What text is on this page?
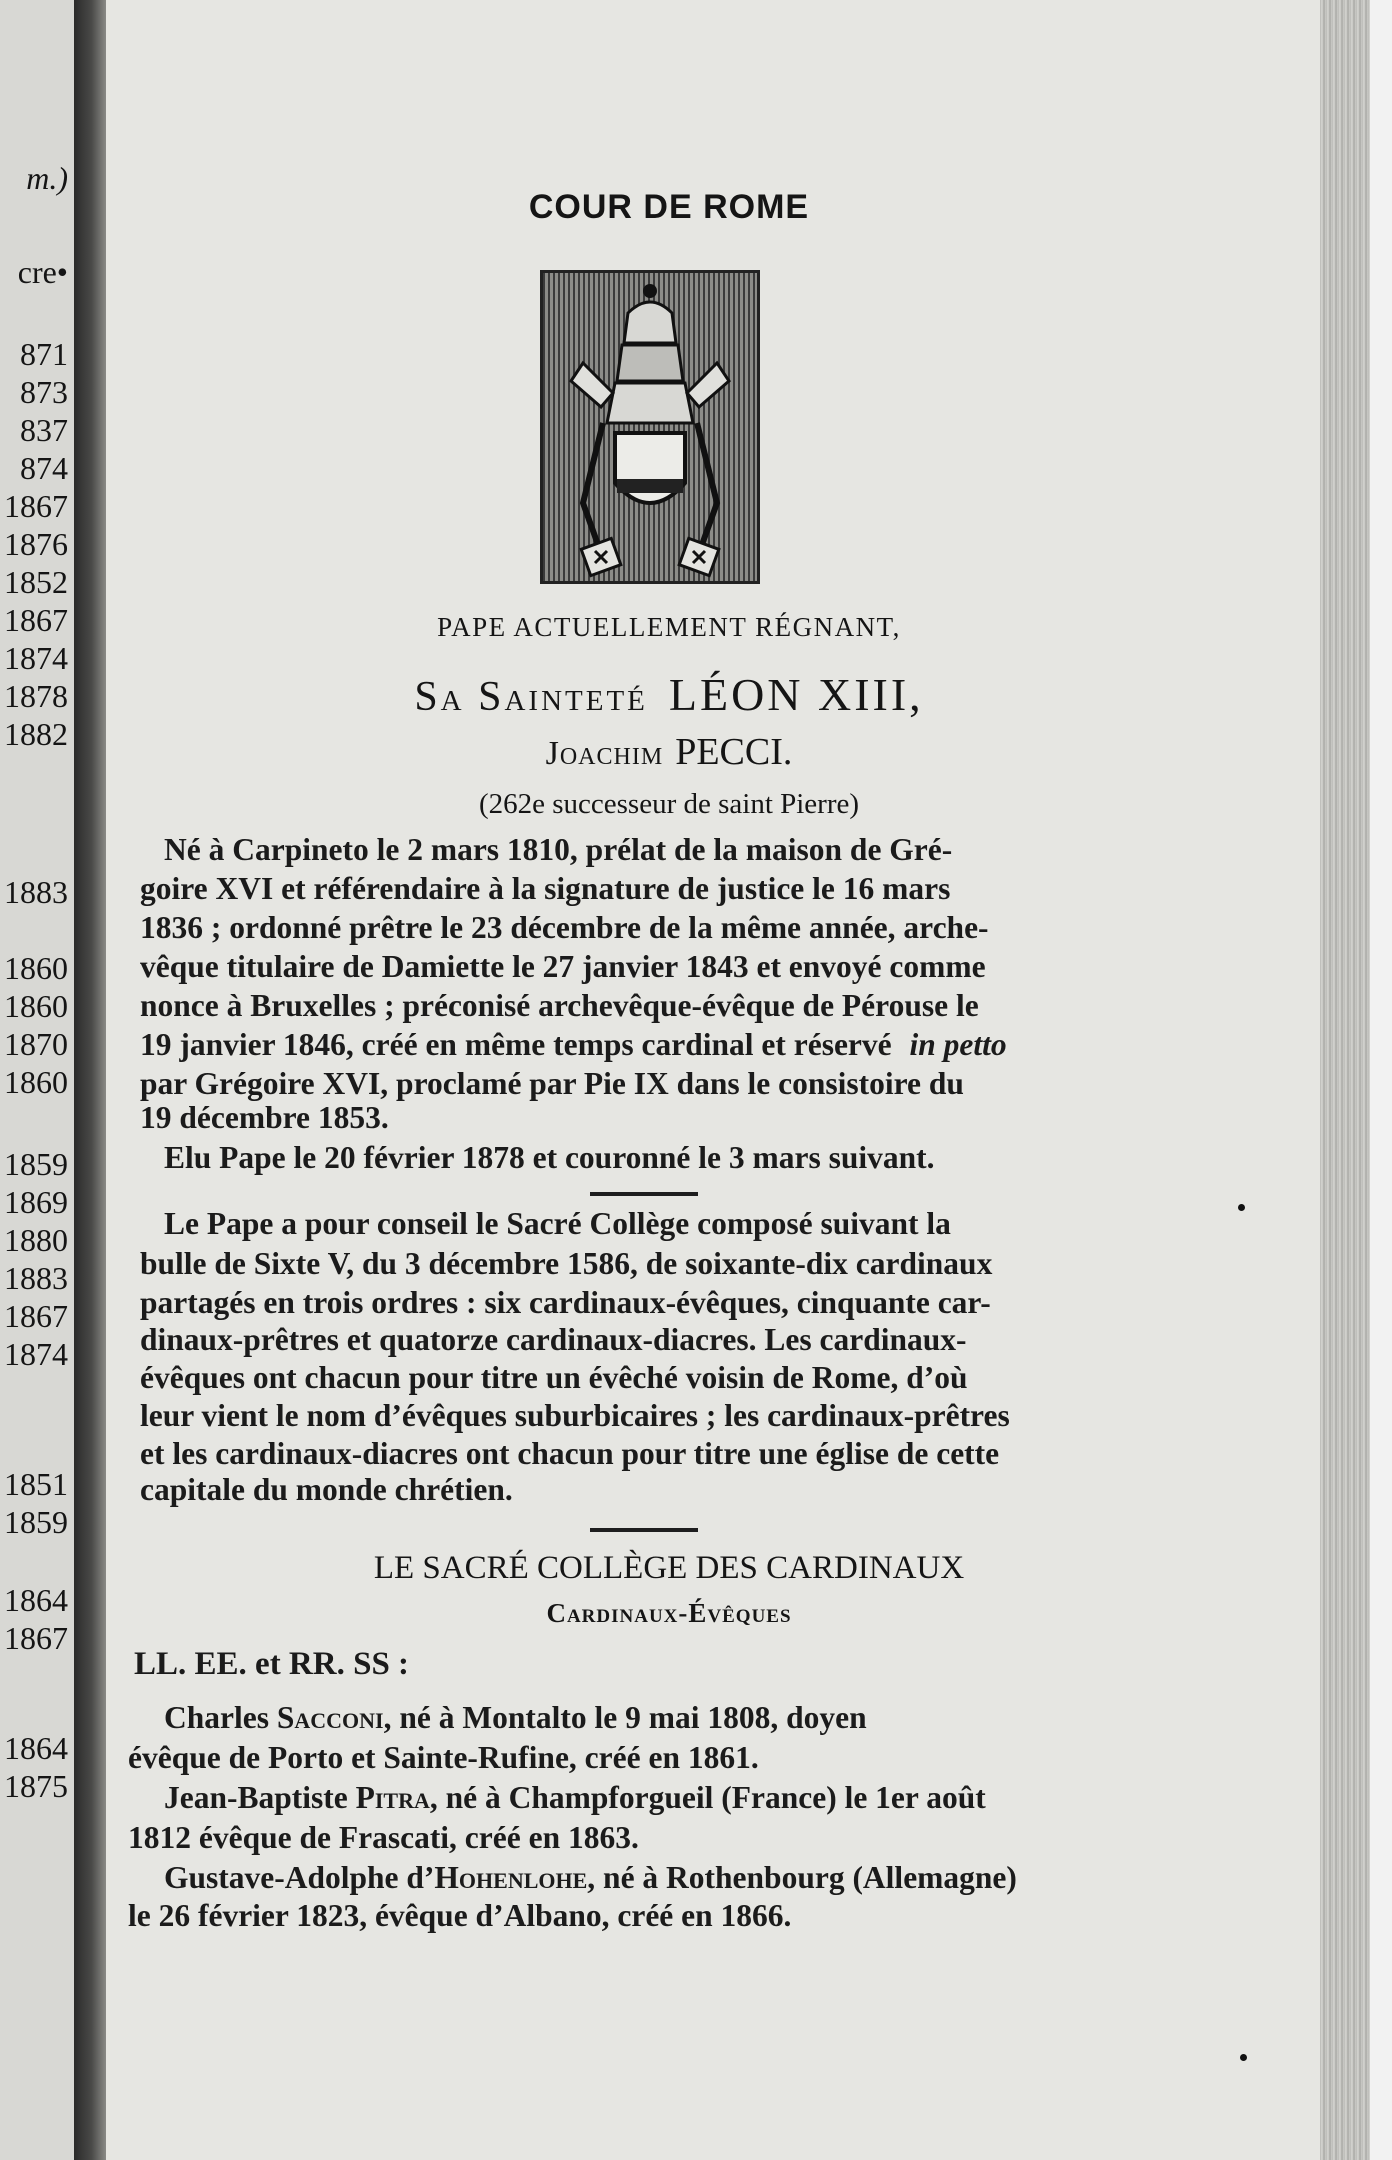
m.)
cre•
871
873
837
874
1867
1876
1852
1867
1874
1878
1882
1883
1860
1860
1870
1860
1859
1869
1880
1883
1867
1874
1851
1859
1864
1867
1864
1875
COUR DE ROME
PAPE ACTUELLEMENT RÉGNANT,
Sa Sainteté LÉON XIII,
Joachim PECCI.
(262e successeur de saint Pierre)
Né à Carpineto le 2 mars 1810, prélat de la maison de Gré-
goire XVI et référendaire à la signature de justice le 16 mars
1836 ; ordonné prêtre le 23 décembre de la même année, arche-
vêque titulaire de Damiette le 27 janvier 1843 et envoyé comme
nonce à Bruxelles ; préconisé archevêque-évêque de Pérouse le
19 janvier 1846, créé en même temps cardinal et réservé in petto
par Grégoire XVI, proclamé par Pie IX dans le consistoire du
19 décembre 1853.
Elu Pape le 20 février 1878 et couronné le 3 mars suivant.
Le Pape a pour conseil le Sacré Collège composé suivant la
bulle de Sixte V, du 3 décembre 1586, de soixante-dix cardinaux
partagés en trois ordres : six cardinaux-évêques, cinquante car-
dinaux-prêtres et quatorze cardinaux-diacres. Les cardinaux-
évêques ont chacun pour titre un évêché voisin de Rome, d’où
leur vient le nom d’évêques suburbicaires ; les cardinaux-prêtres
et les cardinaux-diacres ont chacun pour titre une église de cette
capitale du monde chrétien.
LE SACRÉ COLLÈGE DES CARDINAUX
Cardinaux-Évêques
LL. EE. et RR. SS :
Charles Sacconi, né à Montalto le 9 mai 1808, doyen
évêque de Porto et Sainte-Rufine, créé en 1861.
Jean-Baptiste Pitra, né à Champforgueil (France) le 1er août
1812 évêque de Frascati, créé en 1863.
Gustave-Adolphe d’Hohenlohe, né à Rothenbourg (Allemagne)
le 26 février 1823, évêque d’Albano, créé en 1866.
